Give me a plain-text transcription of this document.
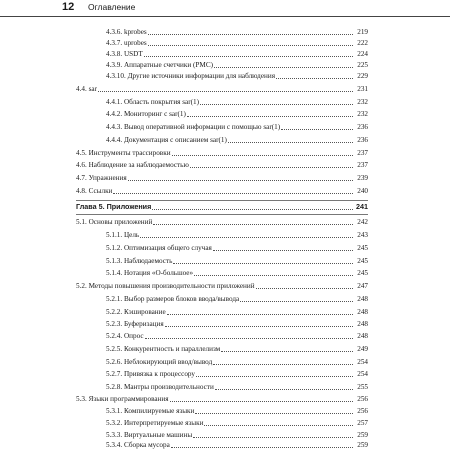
12 Оглавление
4.3.6. kprobes	219
4.3.7. uprobes	222
4.3.8. USDT	224
4.3.9. Аппаратные счетчики (PMC)	225
4.3.10. Другие источники информации для наблюдения	229
4.4. sar	231
4.4.1. Область покрытия sar(1)	232
4.4.2. Мониторинг с sar(1)	232
4.4.3. Вывод оперативной информации с помощью sar(1)	236
4.4.4. Документация с описанием sar(1)	236
4.5. Инструменты трассировки	237
4.6. Наблюдение за наблюдаемостью	237
4.7. Упражнения	239
4.8. Ссылки	240
Глава 5. Приложения	241
5.1. Основы приложений	242
5.1.1. Цель	243
5.1.2. Оптимизация общего случая	245
5.1.3. Наблюдаемость	245
5.1.4. Нотация «О-большое»	245
5.2. Методы повышения производительности приложений	247
5.2.1. Выбор размеров блоков ввода/вывода	248
5.2.2. Кэширование	248
5.2.3. Буферизация	248
5.2.4. Опрос	248
5.2.5. Конкурентность и параллелизм	249
5.2.6. Неблокирующий ввод/вывод	254
5.2.7. Привязка к процессору	254
5.2.8. Мантры производительности	255
5.3. Языки программирования	256
5.3.1. Компилируемые языки	256
5.3.2. Интерпретируемые языки	257
5.3.3. Виртуальные машины	259
5.3.4. Сборка мусора	259
